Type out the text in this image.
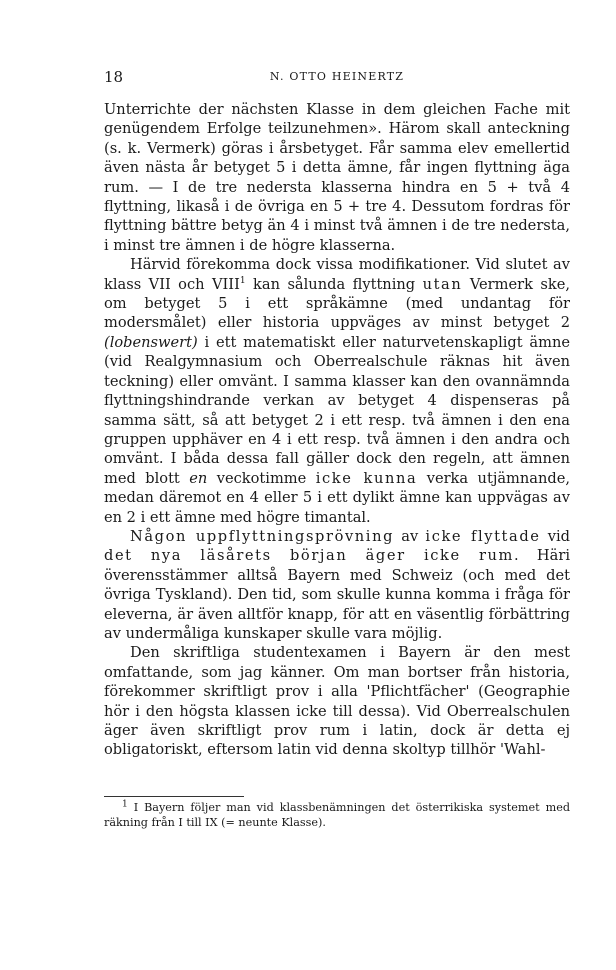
18	N. OTTO HEINERTZ

Unterrichte der nächsten Klasse in dem gleichen Fache mit genügendem Erfolge teilzunehmen». Härom skall anteckning (s. k. Vermerk) göras i årsbetyget. Får samma elev emellertid även nästa år betyget 5 i detta ämne, får ingen flyttning äga rum. — I de tre nedersta klasserna hindra en 5 + två 4 flyttning, likaså i de övriga en 5 + tre 4. Dessutom fordras för flyttning bättre betyg än 4 i minst två ämnen i de tre nedersta, i minst tre ämnen i de högre klasserna.

Härvid förekomma dock vissa modifikationer. Vid slutet av klass VII och VIII$^1$ kan sålunda flyttning utan Vermerk ske, om betyget 5 i ett språkämne (med undantag för modersmålet) eller historia uppväges av minst betyget 2 (lobenswert) i ett matematiskt eller naturvetenskapligt ämne (vid Realgymnasium och Oberrealschule räknas hit även teckning) eller omvänt. I samma klasser kan den ovannämnda flyttningshindrande verkan av betyget 4 dispenseras på samma sätt, så att betyget 2 i ett resp. två ämnen i den ena gruppen upphäver en 4 i ett resp. två ämnen i den andra och omvänt. I båda dessa fall gäller dock den regeln, att ämnen med blott en veckotimme icke kunna verka utjämnande, medan däremot en 4 eller 5 i ett dylikt ämne kan uppvägas av en 2 i ett ämne med högre timantal.

Någon uppflyttningsprövning av icke flyttade vid det nya läsårets början äger icke rum. Häri överensstämmer alltså Bayern med Schweiz (och med det övriga Tyskland). Den tid, som skulle kunna komma i fråga för eleverna, är även alltför knapp, för att en väsentlig förbättring av undermåliga kunskaper skulle vara möjlig.

Den skriftliga studentexamen i Bayern är den mest omfattande, som jag känner. Om man bortser från historia, förekommer skriftligt prov i alla 'Pflichtfächer' (Geographie hör i den högsta klassen icke till dessa). Vid Oberrealschulen äger även skriftligt prov rum i latin, dock är detta ej obligatoriskt, eftersom latin vid denna skoltyp tillhör 'Wahl-

$^1$ I Bayern följer man vid klassbenämningen det österrikiska systemet med räkning från I till IX (= neunte Klasse).
